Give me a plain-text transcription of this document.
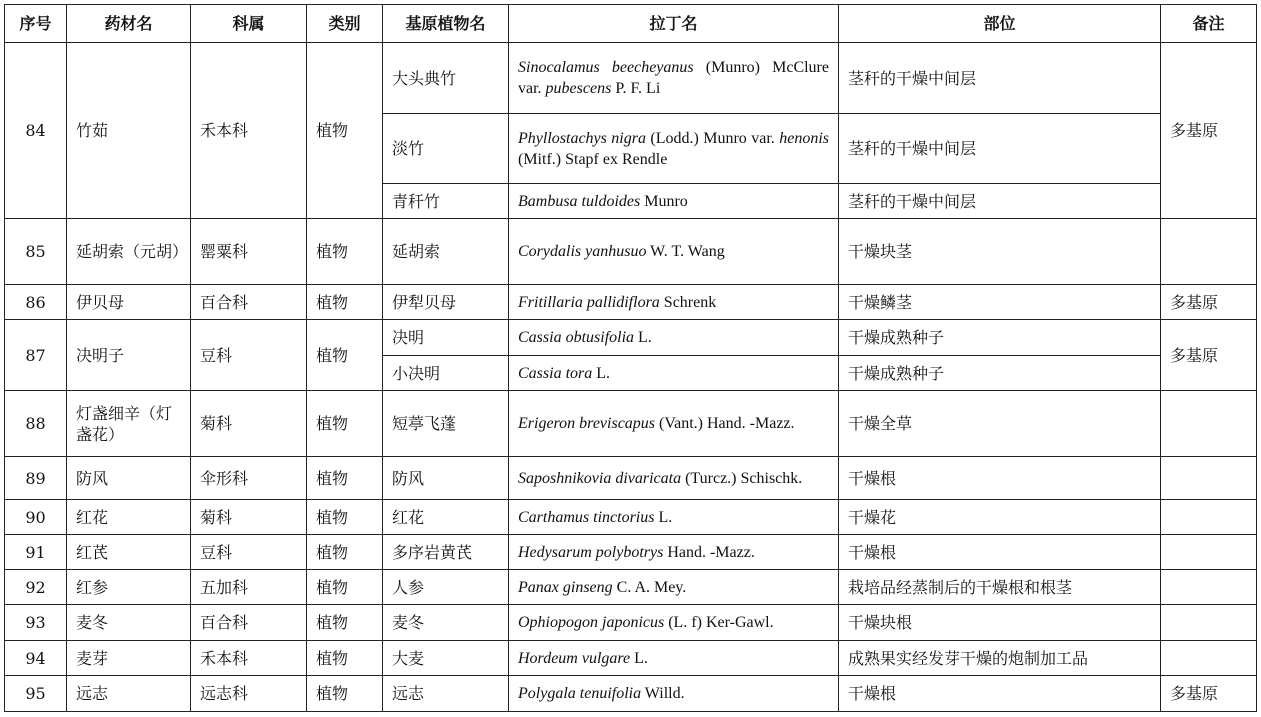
序号	药材名	科属	类别	基原植物名	拉丁名	部位	备注
84	竹茹	禾本科	植物	大头典竹	Sinocalamus beecheyanus (Munro) McClure var. pubescens P. F. Li	茎秆的干燥中间层	多基原
				淡竹	Phyllostachys nigra (Lodd.) Munro var. henonis (Mitf.) Stapf ex Rendle	茎秆的干燥中间层	
				青秆竹	Bambusa tuldoides Munro	茎秆的干燥中间层	
85	延胡索（元胡）	罂粟科	植物	延胡索	Corydalis yanhusuo W. T. Wang	干燥块茎	
86	伊贝母	百合科	植物	伊犁贝母	Fritillaria pallidiflora Schrenk	干燥鳞茎	多基原
87	决明子	豆科	植物	决明	Cassia obtusifolia L.	干燥成熟种子	多基原
				小决明	Cassia tora L.	干燥成熟种子	
88	灯盏细辛（灯盏花）	菊科	植物	短葶飞蓬	Erigeron breviscapus (Vant.) Hand. -Mazz.	干燥全草	
89	防风	伞形科	植物	防风	Saposhnikovia divaricata (Turcz.) Schischk.	干燥根	
90	红花	菊科	植物	红花	Carthamus tinctorius L.	干燥花	
91	红芪	豆科	植物	多序岩黄芪	Hedysarum polybotrys Hand. -Mazz.	干燥根	
92	红参	五加科	植物	人参	Panax ginseng C. A. Mey.	栽培品经蒸制后的干燥根和根茎	
93	麦冬	百合科	植物	麦冬	Ophiopogon japonicus (L. f) Ker-Gawl.	干燥块根	
94	麦芽	禾本科	植物	大麦	Hordeum vulgare L.	成熟果实经发芽干燥的炮制加工品	
95	远志	远志科	植物	远志	Polygala tenuifolia Willd.	干燥根	多基原
